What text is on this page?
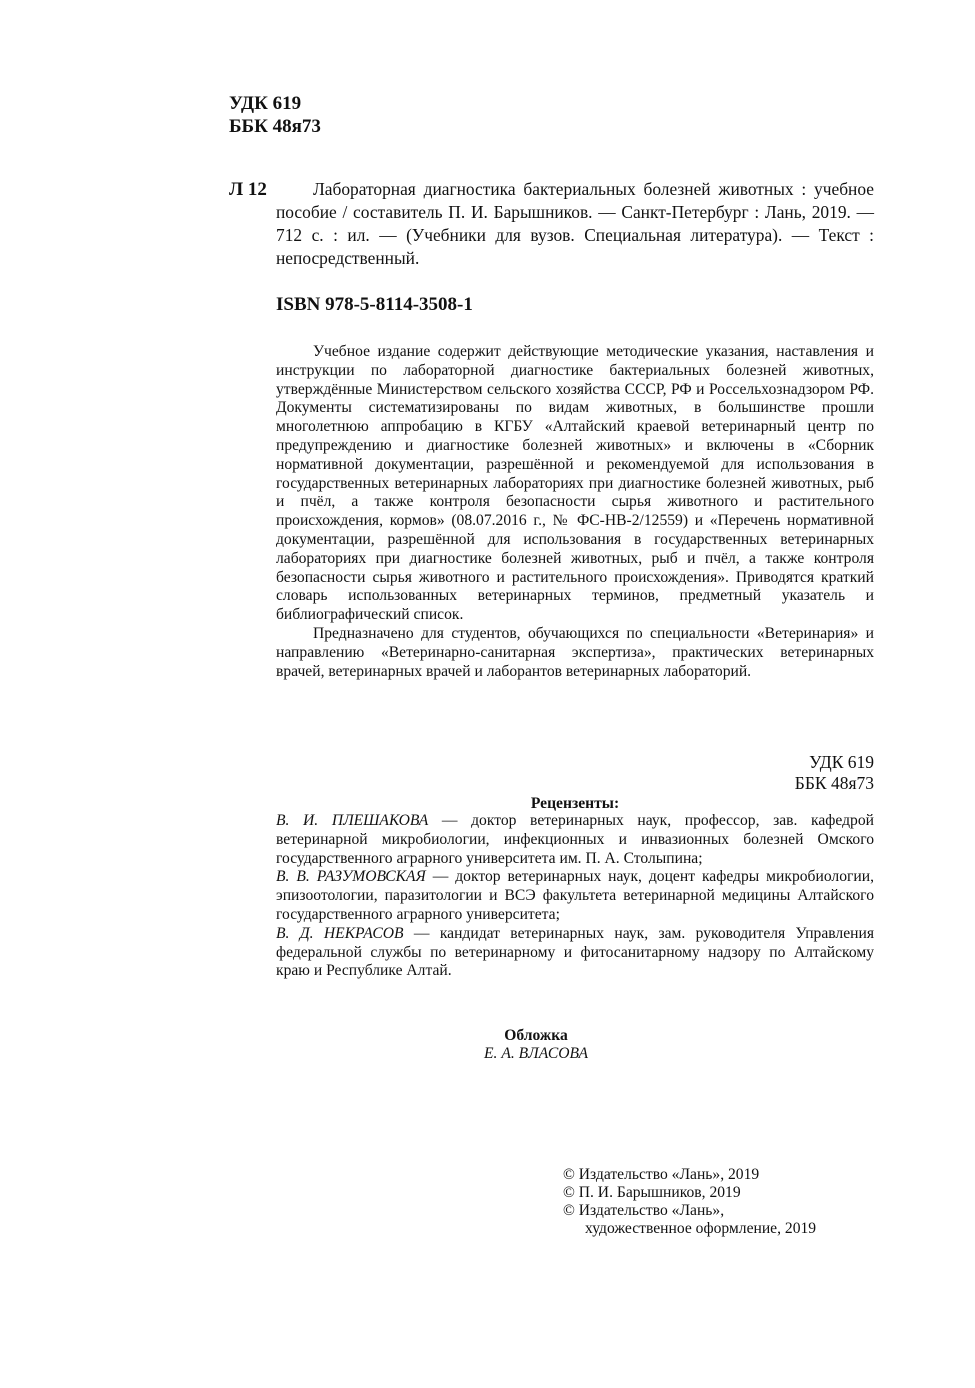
УДК 619
ББК 48я73
Л 12	Лабораторная диагностика бактериальных болезней животных : учебное пособие / составитель П. И. Барышников. — Санкт-Петербург : Лань, 2019. — 712 с. : ил. — (Учебники для вузов. Специальная литература). — Текст : непосредственный.
ISBN 978-5-8114-3508-1

Учебное издание содержит действующие методические указания, наставления и инструкции по лабораторной диагностике бактериальных болезней животных, утверждённые Министерством сельского хозяйства СССР, РФ и Россельхознадзором РФ. Документы систематизированы по видам животных, в большинстве прошли многолетнюю аппробацию в КГБУ «Алтайский краевой ветеринарный центр по предупреждению и диагностике болезней животных» и включены в «Сборник нормативной документации, разрешённой и рекомендуемой для использования в государственных ветеринарных лабораториях при диагностике болезней животных, рыб и пчёл, а также контроля безопасности сырья животного и растительного происхождения, кормов» (08.07.2016 г., № ФС-НВ-2/12559) и «Перечень нормативной документации, разрешённой для использования в государственных ветеринарных лабораториях при диагностике болезней животных, рыб и пчёл, а также контроля безопасности сырья животного и растительного происхождения». Приводятся краткий словарь использованных ветеринарных терминов, предметный указатель и библиографический список.

Предназначено для студентов, обучающихся по специальности «Ветеринария» и направлению «Ветеринарно-санитарная экспертиза», практических ветеринарных врачей, ветеринарных врачей и лаборантов ветеринарных лабораторий.

УДК 619
ББК 48я73
Рецензенты:

В. И. ПЛЕШАКОВА — доктор ветеринарных наук, профессор, зав. кафедрой ветеринарной микробиологии, инфекционных и инвазионных болезней Омского государственного аграрного университета им. П. А. Столыпина;

В. В. РАЗУМОВСКАЯ — доктор ветеринарных наук, доцент кафедры микробиологии, эпизоотологии, паразитологии и ВСЭ факультета ветеринарной медицины Алтайского государственного аграрного университета;

В. Д. НЕКРАСОВ — кандидат ветеринарных наук, зам. руководителя Управления федеральной службы по ветеринарному и фитосанитарному надзору по Алтайскому краю и Республике Алтай.

Обложка
Е. А. ВЛАСОВА
© Издательство «Лань», 2019
© П. И. Барышников, 2019
© Издательство «Лань»,
художественное оформление, 2019
